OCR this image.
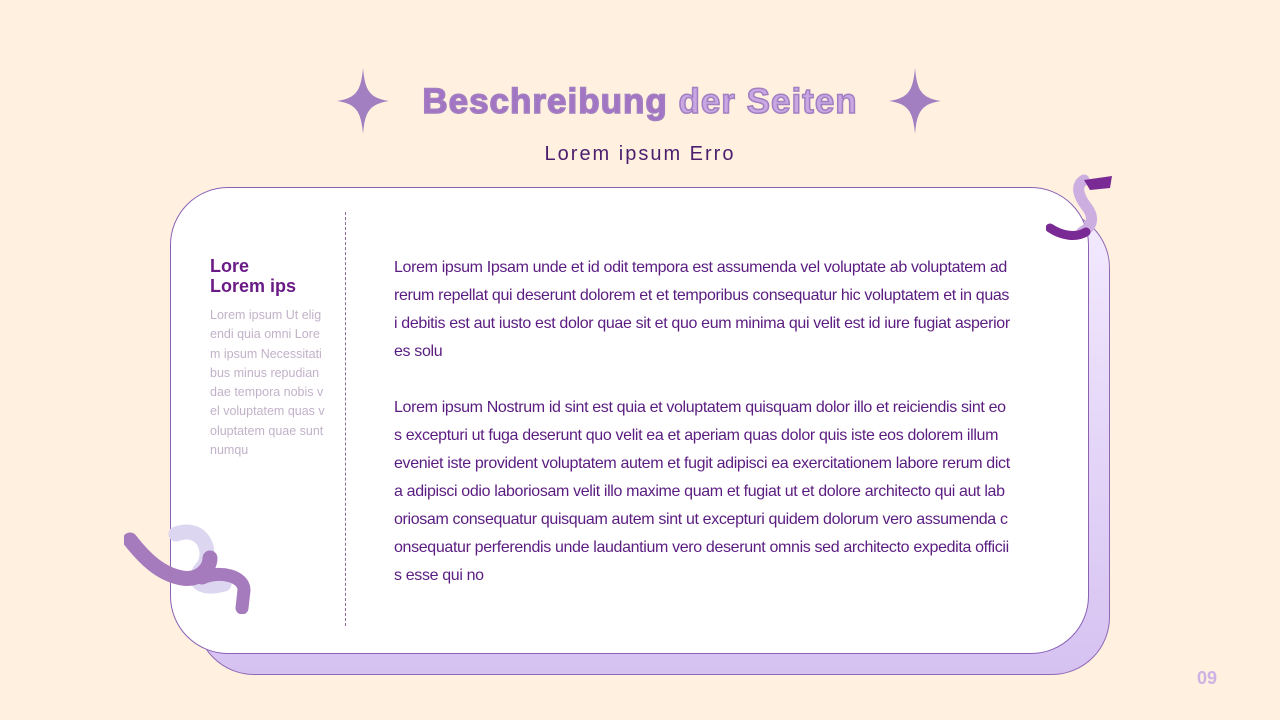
Beschreibung der Seiten
Lorem ipsum Erro
Lore
Lorem ips
Lorem ipsum Ut eligendi quia omni Lorem ipsum Necessitatibus minus repudiandae tempora nobis vel voluptatem quas voluptatem quae sunt numqu

Lorem ipsum Ipsam unde et id odit tempora est assumenda vel voluptate ab voluptatem ad rerum repellat qui deserunt dolorem et et temporibus consequatur hic voluptatem et in quasi debitis est aut iusto est dolor quae sit et quo eum minima qui velit est id iure fugiat asperiores solu

Lorem ipsum Nostrum id sint est quia et voluptatem quisquam dolor illo et reiciendis sint eos excepturi ut fuga deserunt quo velit ea et aperiam quas dolor quis iste eos dolorem illum eveniet iste provident voluptatem autem et fugit adipisci ea exercitationem labore rerum dicta adipisci odio laboriosam velit illo maxime quam et fugiat ut et dolore architecto qui aut laboriosam consequatur quisquam autem sint ut excepturi quidem dolorum vero assumenda consequatur perferendis unde laudantium vero deserunt omnis sed architecto expedita officiis esse qui no

09
